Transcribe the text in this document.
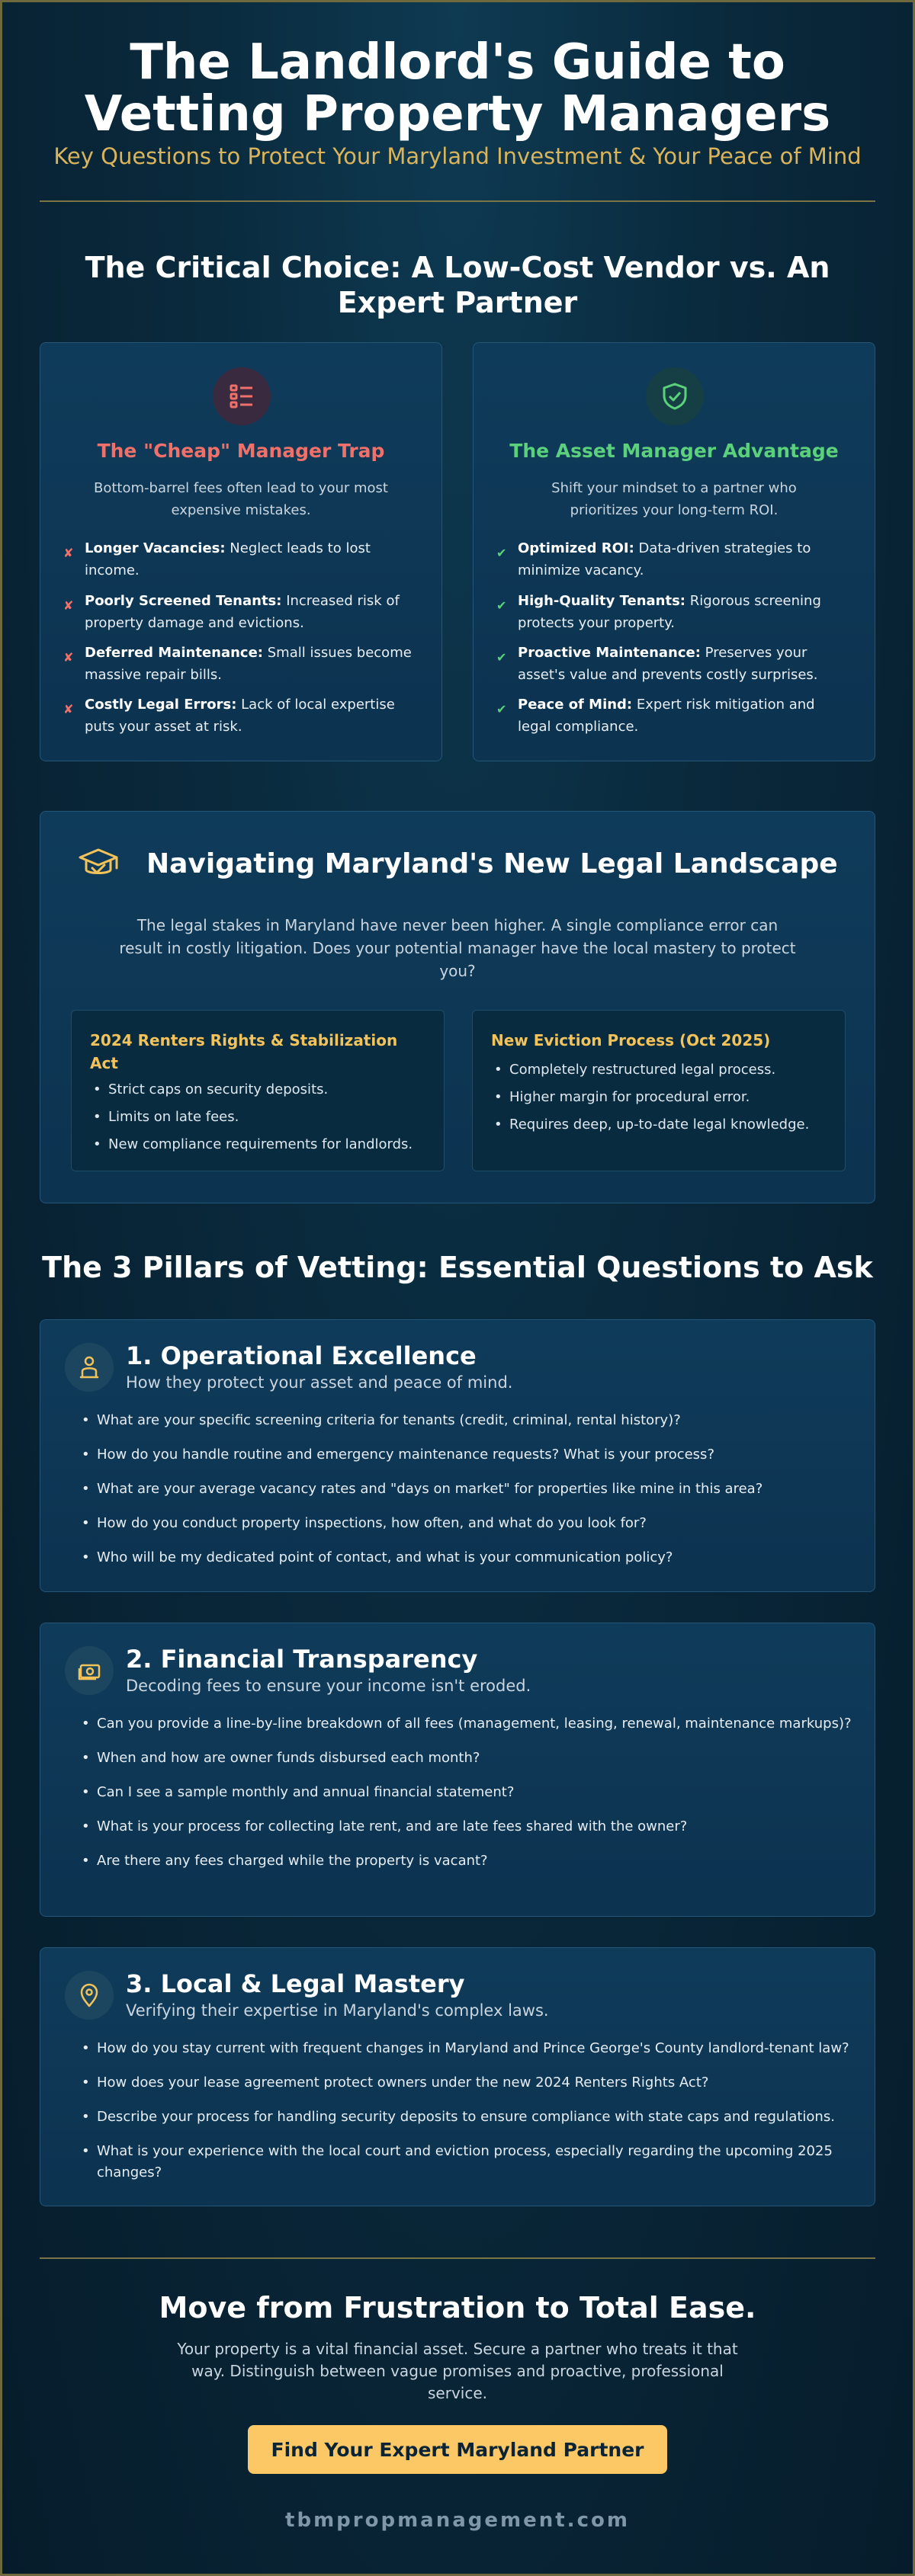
The Landlord's Guide to Vetting Property Managers
Key Questions to Protect Your Maryland Investment & Your Peace of Mind
The Critical Choice: A Low-Cost Vendor vs. An Expert Partner
The "Cheap" Manager Trap
Bottom-barrel fees often lead to your most expensive mistakes.
✘ Longer Vacancies: Neglect leads to lost income.
✘ Poorly Screened Tenants: Increased risk of property damage and evictions.
✘ Deferred Maintenance: Small issues become massive repair bills.
✘ Costly Legal Errors: Lack of local expertise puts your asset at risk.
The Asset Manager Advantage
Shift your mindset to a partner who prioritizes your long-term ROI.
✔ Optimized ROI: Data-driven strategies to minimize vacancy.
✔ High-Quality Tenants: Rigorous screening protects your property.
✔ Proactive Maintenance: Preserves your asset's value and prevents costly surprises.
✔ Peace of Mind: Expert risk mitigation and legal compliance.
Navigating Maryland's New Legal Landscape
The legal stakes in Maryland have never been higher. A single compliance error can result in costly litigation. Does your potential manager have the local mastery to protect you?
2024 Renters Rights & Stabilization Act
• Strict caps on security deposits.
• Limits on late fees.
• New compliance requirements for landlords.
New Eviction Process (Oct 2025)
• Completely restructured legal process.
• Higher margin for procedural error.
• Requires deep, up-to-date legal knowledge.
The 3 Pillars of Vetting: Essential Questions to Ask
1. Operational Excellence
How they protect your asset and peace of mind.
• What are your specific screening criteria for tenants (credit, criminal, rental history)?
• How do you handle routine and emergency maintenance requests? What is your process?
• What are your average vacancy rates and "days on market" for properties like mine in this area?
• How do you conduct property inspections, how often, and what do you look for?
• Who will be my dedicated point of contact, and what is your communication policy?
2. Financial Transparency
Decoding fees to ensure your income isn't eroded.
• Can you provide a line-by-line breakdown of all fees (management, leasing, renewal, maintenance markups)?
• When and how are owner funds disbursed each month?
• Can I see a sample monthly and annual financial statement?
• What is your process for collecting late rent, and are late fees shared with the owner?
• Are there any fees charged while the property is vacant?
3. Local & Legal Mastery
Verifying their expertise in Maryland's complex laws.
• How do you stay current with frequent changes in Maryland and Prince George's County landlord-tenant law?
• How does your lease agreement protect owners under the new 2024 Renters Rights Act?
• Describe your process for handling security deposits to ensure compliance with state caps and regulations.
• What is your experience with the local court and eviction process, especially regarding the upcoming 2025 changes?
Move from Frustration to Total Ease.
Your property is a vital financial asset. Secure a partner who treats it that way. Distinguish between vague promises and proactive, professional service.
Find Your Expert Maryland Partner
tbmpropmanagement.com
